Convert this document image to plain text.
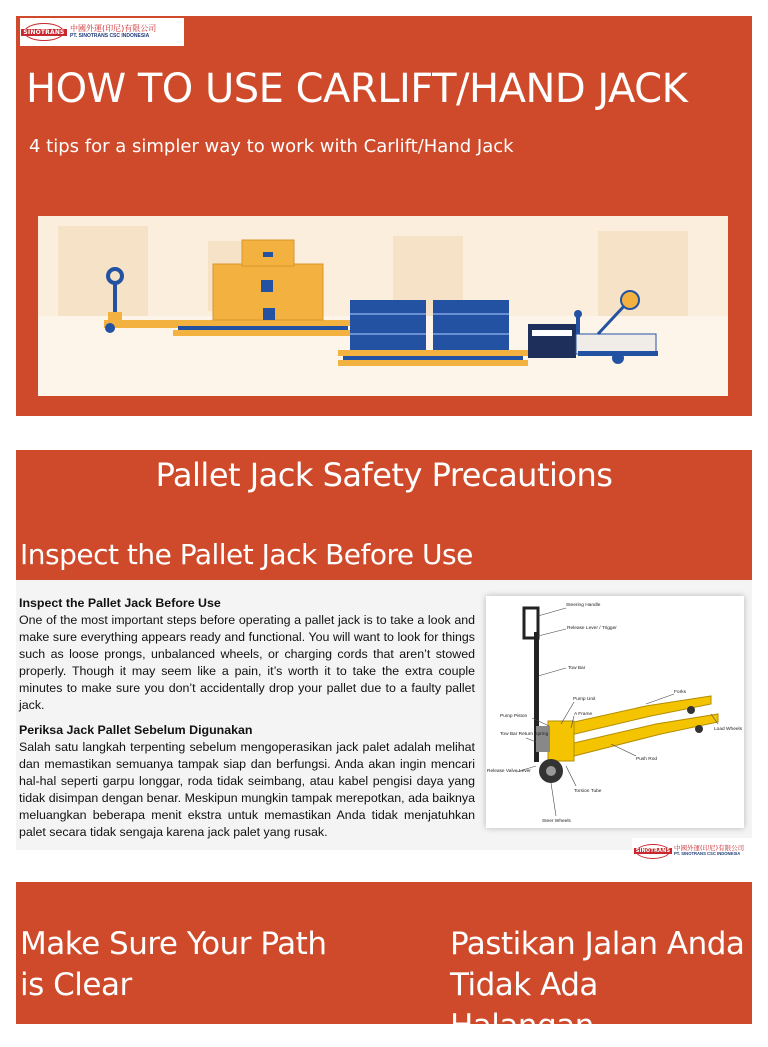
SINOTRANS 中國外運(印尼)有限公司
PT. SINOTRANS CSC INDONESIA
HOW TO USE CARLIFT/HAND JACK
4 tips for a simpler way to work with Carlift/Hand Jack
Pallet Jack Safety Precautions
Inspect the Pallet Jack Before Use
Inspect the Pallet Jack Before Use
One of the most important steps before operating a pallet jack is to take a look and make sure everything appears ready and functional. You will want to look for things such as loose prongs, unbalanced wheels, or charging cords that aren’t stowed properly. Though it may seem like a pain, it’s worth it to take the extra couple minutes to make sure you don’t accidentally drop your pallet due to a faulty pallet jack.
Periksa Jack Pallet Sebelum Digunakan
Salah satu langkah terpenting sebelum mengoperasikan jack palet adalah melihat dan memastikan semuanya tampak siap dan berfungsi. Anda akan ingin mencari hal-hal seperti garpu longgar, roda tidak seimbang, atau kabel pengisi daya yang tidak disimpan dengan benar. Meskipun mungkin tampak merepotkan, ada baiknya meluangkan beberapa menit ekstra untuk memastikan Anda tidak menjatuhkan palet secara tidak sengaja karena jack palet yang rusak.
Steering Handle
Release Lever / Trigger
Tow Bar
Pump Unit
Forks
Pump Piston	A Frame
Load Wheels
Tow Bar Return Spring
Push Rod
Release Valve Lever
Torsion Tube
Steer Wheels
SINOTRANS 中國外運(印尼)有限公司
PT. SINOTRANS CSC INDONESIA
Make Sure Your Path is Clear
Pastikan Jalan Anda Tidak Ada Halangan
